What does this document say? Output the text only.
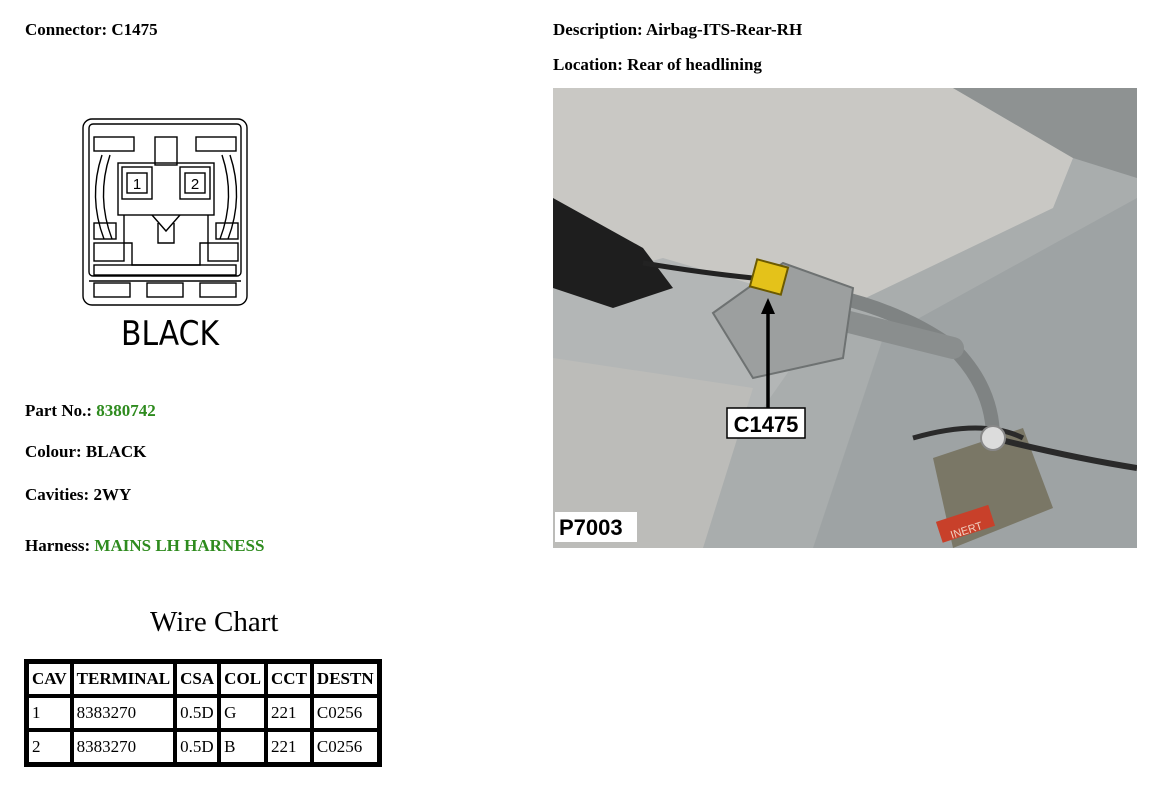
Connector: C1475	Description: Airbag-ITS-Rear-RH
Location: Rear of headlining
1	2
BLACK
Part No.: 8380742
Colour: BLACK
Cavities: 2WY
Harness: MAINS LH HARNESS
INERT
C1475
P7003
Wire Chart
CAV	TERMINAL	CSA	COL	CCT	DESTN
1	8383270	0.5D	G	221	C0256
2	8383270	0.5D	B	221	C0256
